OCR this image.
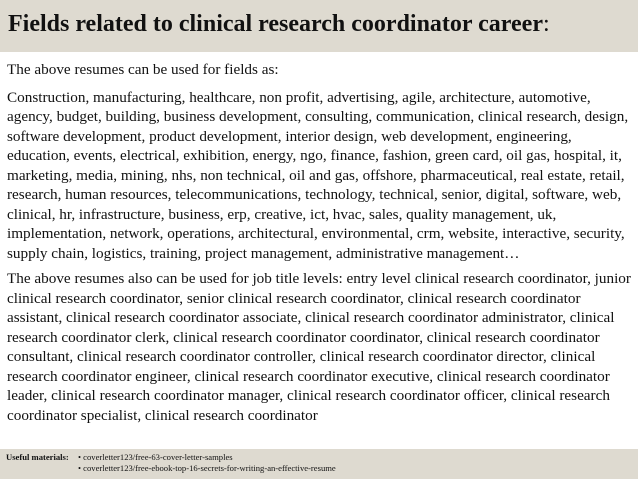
Fields related to clinical research coordinator career:

The above resumes can be used for fields as:

Construction, manufacturing, healthcare, non profit, advertising, agile, architecture, automotive, agency, budget, building, business development, consulting, communication, clinical research, design, software development, product development, interior design, web development, engineering, education, events, electrical, exhibition, energy, ngo, finance, fashion, green card, oil gas, hospital, it, marketing, media, mining, nhs, non technical, oil and gas, offshore, pharmaceutical, real estate, retail, research, human resources, telecommunications, technology, technical, senior, digital, software, web, clinical, hr, infrastructure, business, erp, creative, ict, hvac, sales, quality management, uk, implementation, network, operations, architectural, environmental, crm, website, interactive, security, supply chain, logistics, training, project management, administrative management…

The above resumes also can be used for job title levels: entry level clinical research coordinator, junior clinical research coordinator, senior clinical research coordinator, clinical research coordinator assistant, clinical research coordinator associate, clinical research coordinator administrator, clinical research coordinator clerk, clinical research coordinator coordinator, clinical research coordinator consultant, clinical research coordinator controller, clinical research coordinator director, clinical research coordinator engineer, clinical research coordinator executive, clinical research coordinator leader, clinical research coordinator manager, clinical research coordinator officer, clinical research coordinator specialist, clinical research coordinator

Useful materials:	• coverletter123/free-63-cover-letter-samples
• coverletter123/free-ebook-top-16-secrets-for-writing-an-effective-resume
